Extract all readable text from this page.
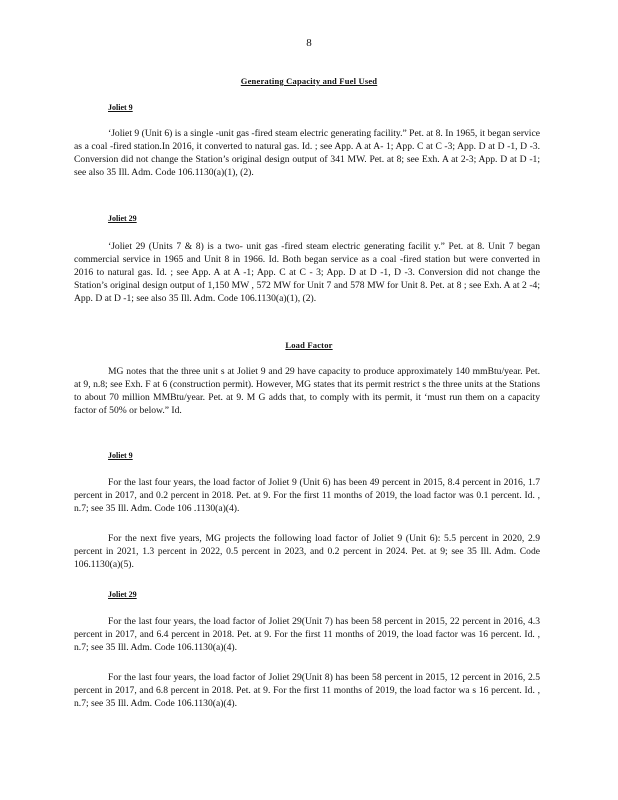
8
Generating Capacity and Fuel Used
Joliet 9
‘Joliet 9 (Unit 6) is a single -unit gas -fired steam electric generating facility.” Pet. at 8. In 1965, it began service as a coal -fired station.In 2016, it converted to natural gas. Id. ; see App. A at A- 1; App. C at C -3; App. D at D -1, D -3. Conversion did not change the Station’s original design output of 341 MW. Pet. at 8; see Exh. A at 2-3; App. D at D -1; see also 35 Ill. Adm. Code 106.1130(a)(1), (2).
Joliet 29
‘Joliet 29 (Units 7 & 8) is a two- unit gas -fired steam electric generating facilit y.” Pet. at 8. Unit 7 began commercial service in 1965 and Unit 8 in 1966. Id. Both began service as a coal -fired station but were converted in 2016 to natural gas. Id. ; see App. A at A -1; App. C at C - 3; App. D at D -1, D -3. Conversion did not change the Station’s original design output of 1,150 MW , 572 MW for Unit 7 and 578 MW for Unit 8. Pet. at 8 ; see Exh. A at 2 -4; App. D at D -1; see also 35 Ill. Adm. Code 106.1130(a)(1), (2).
Load Factor
MG notes that the three unit s at Joliet 9 and 29 have capacity to produce approximately 140 mmBtu/year. Pet. at 9, n.8; see Exh. F at 6 (construction permit). However, MG states that its permit restrict s the three units at the Stations to about 70 million MMBtu/year. Pet. at 9. M G adds that, to comply with its permit, it ‘must run them on a capacity factor of 50% or below.” Id.
Joliet 9
For the last four years, the load factor of Joliet 9 (Unit 6) has been 49 percent in 2015, 8.4 percent in 2016, 1.7 percent in 2017, and 0.2 percent in 2018. Pet. at 9. For the first 11 months of 2019, the load factor was 0.1 percent. Id. , n.7; see 35 Ill. Adm. Code 106 .1130(a)(4).
For the next five years, MG projects the following load factor of Joliet 9 (Unit 6): 5.5 percent in 2020, 2.9 percent in 2021, 1.3 percent in 2022, 0.5 percent in 2023, and 0.2 percent in 2024. Pet. at 9; see 35 Ill. Adm. Code 106.1130(a)(5).
Joliet 29
For the last four years, the load factor of Joliet 29(Unit 7) has been 58 percent in 2015, 22 percent in 2016, 4.3 percent in 2017, and 6.4 percent in 2018. Pet. at 9. For the first 11 months of 2019, the load factor was 16 percent. Id. , n.7; see 35 Ill. Adm. Code 106.1130(a)(4).
For the last four years, the load factor of Joliet 29(Unit 8) has been 58 percent in 2015, 12 percent in 2016, 2.5 percent in 2017, and 6.8 percent in 2018. Pet. at 9. For the first 11 months of 2019, the load factor wa s 16 percent. Id. , n.7; see 35 Ill. Adm. Code 106.1130(a)(4).
